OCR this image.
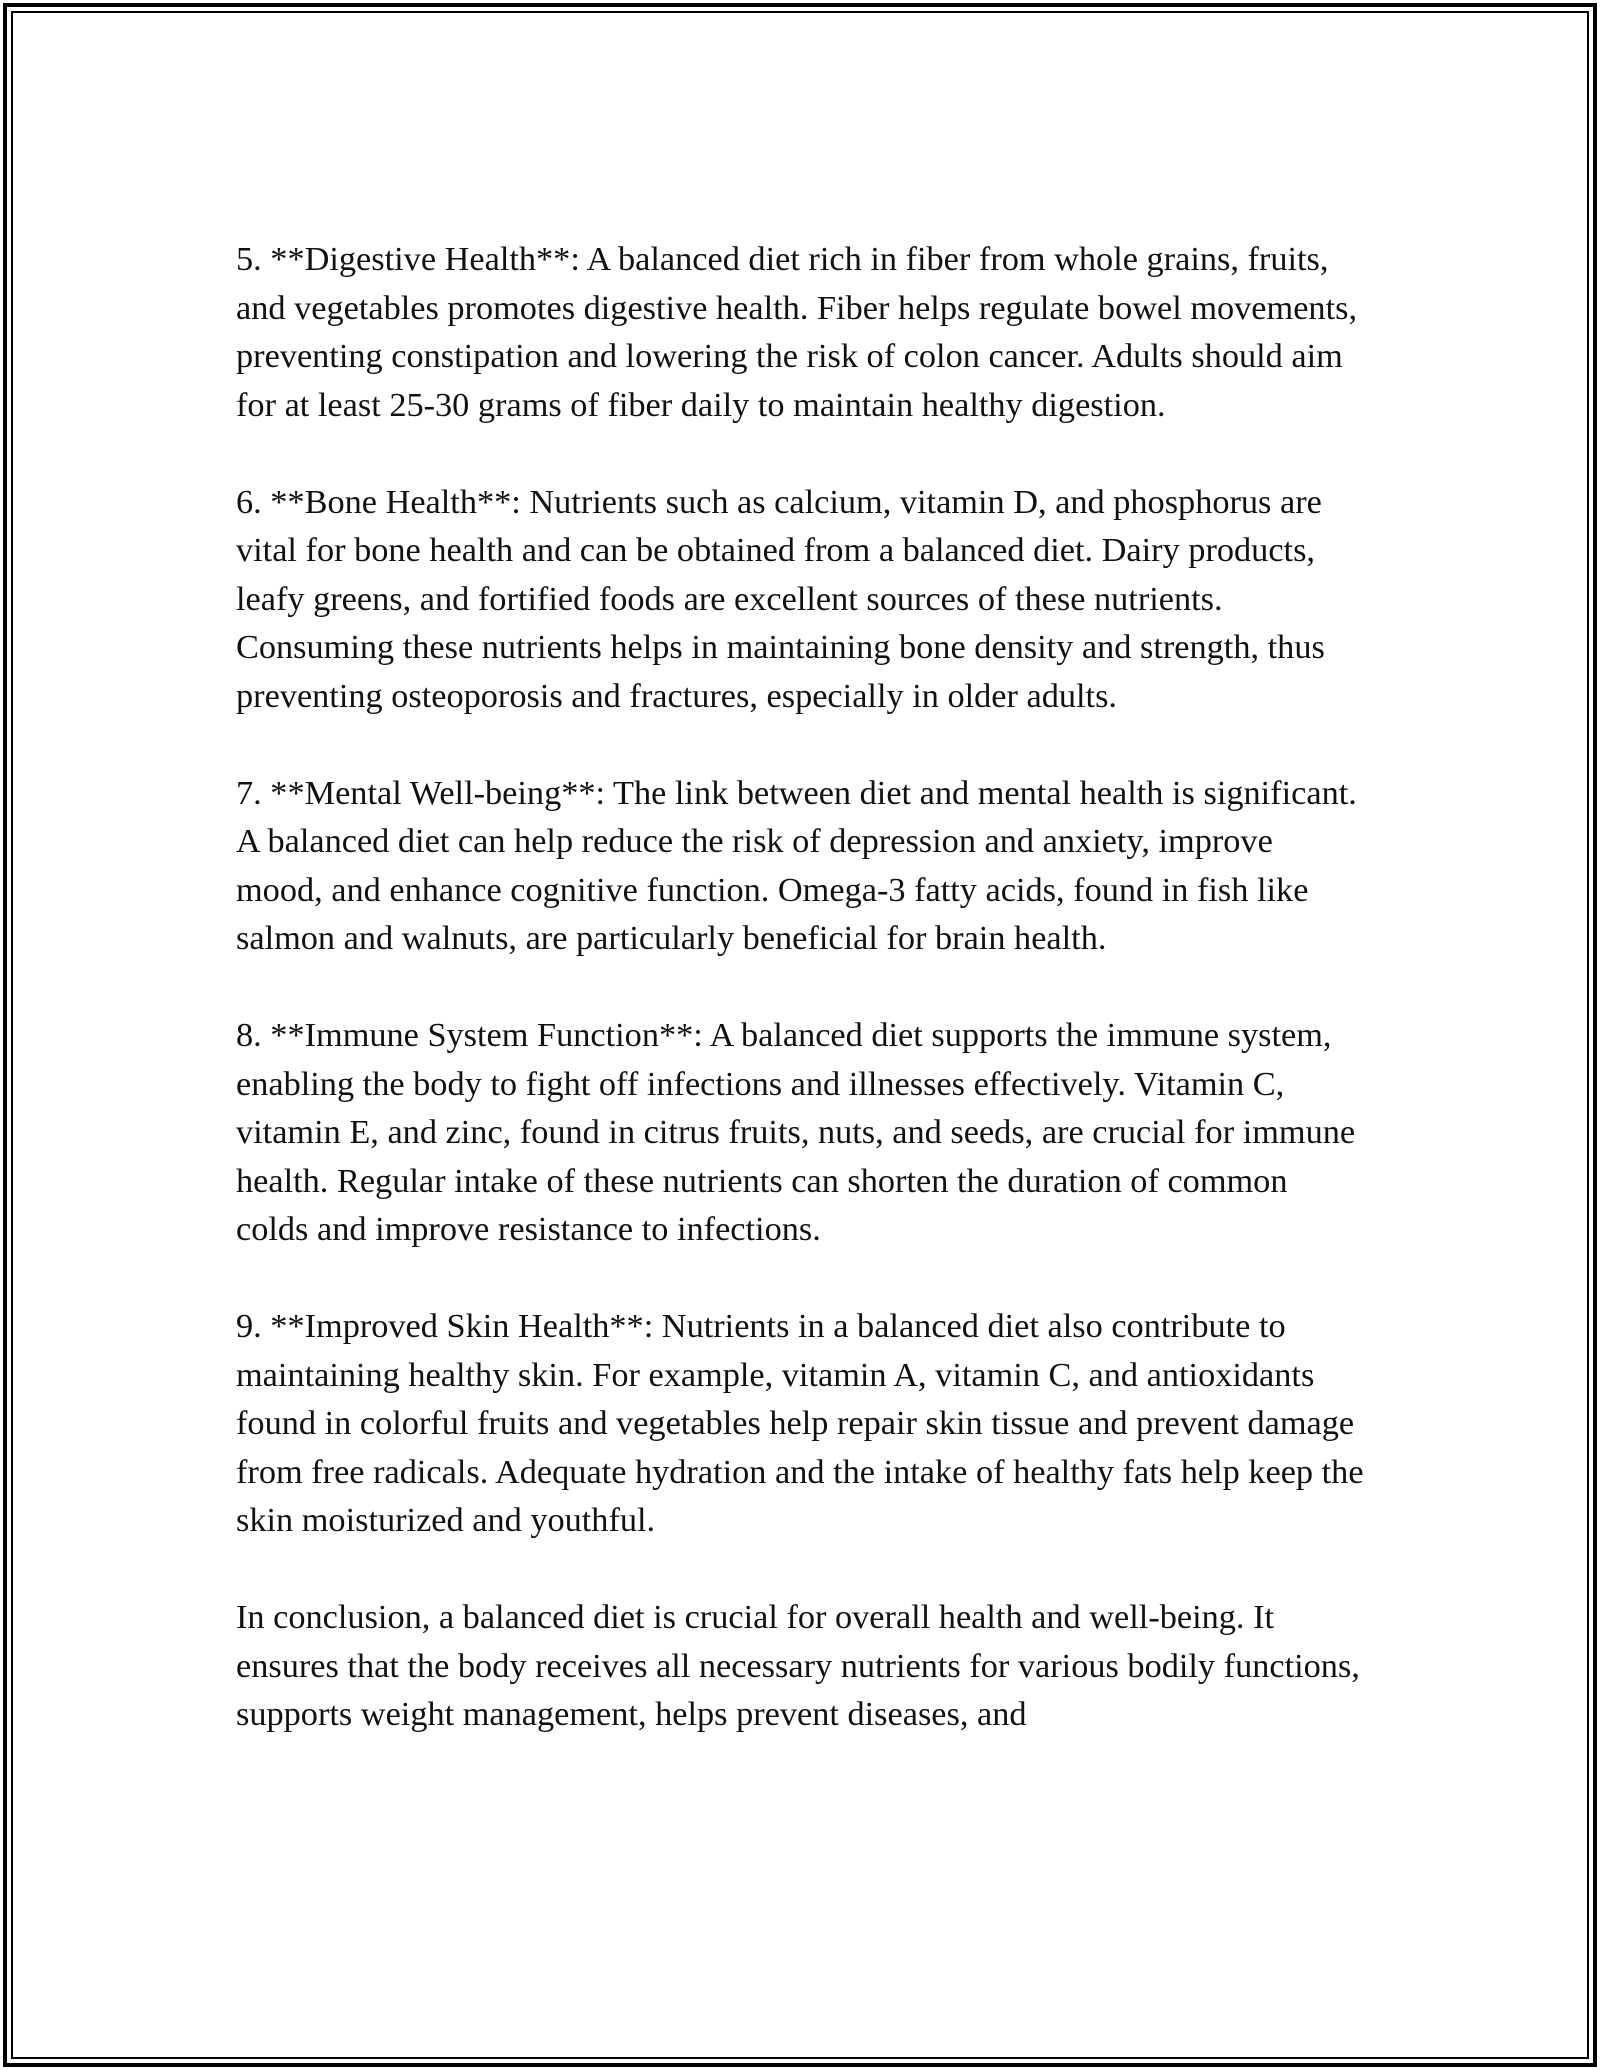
5. **Digestive Health**: A balanced diet rich in fiber from whole grains, fruits, and vegetables promotes digestive health. Fiber helps regulate bowel movements, preventing constipation and lowering the risk of colon cancer. Adults should aim for at least 25-30 grams of fiber daily to maintain healthy digestion.

6. **Bone Health**: Nutrients such as calcium, vitamin D, and phosphorus are vital for bone health and can be obtained from a balanced diet. Dairy products, leafy greens, and fortified foods are excellent sources of these nutrients. Consuming these nutrients helps in maintaining bone density and strength, thus preventing osteoporosis and fractures, especially in older adults.

7. **Mental Well-being**: The link between diet and mental health is significant. A balanced diet can help reduce the risk of depression and anxiety, improve mood, and enhance cognitive function. Omega-3 fatty acids, found in fish like salmon and walnuts, are particularly beneficial for brain health.

8. **Immune System Function**: A balanced diet supports the immune system, enabling the body to fight off infections and illnesses effectively. Vitamin C, vitamin E, and zinc, found in citrus fruits, nuts, and seeds, are crucial for immune health. Regular intake of these nutrients can shorten the duration of common colds and improve resistance to infections.

9. **Improved Skin Health**: Nutrients in a balanced diet also contribute to maintaining healthy skin. For example, vitamin A, vitamin C, and antioxidants found in colorful fruits and vegetables help repair skin tissue and prevent damage from free radicals. Adequate hydration and the intake of healthy fats help keep the skin moisturized and youthful.

In conclusion, a balanced diet is crucial for overall health and well-being. It ensures that the body receives all necessary nutrients for various bodily functions, supports weight management, helps prevent diseases, and
